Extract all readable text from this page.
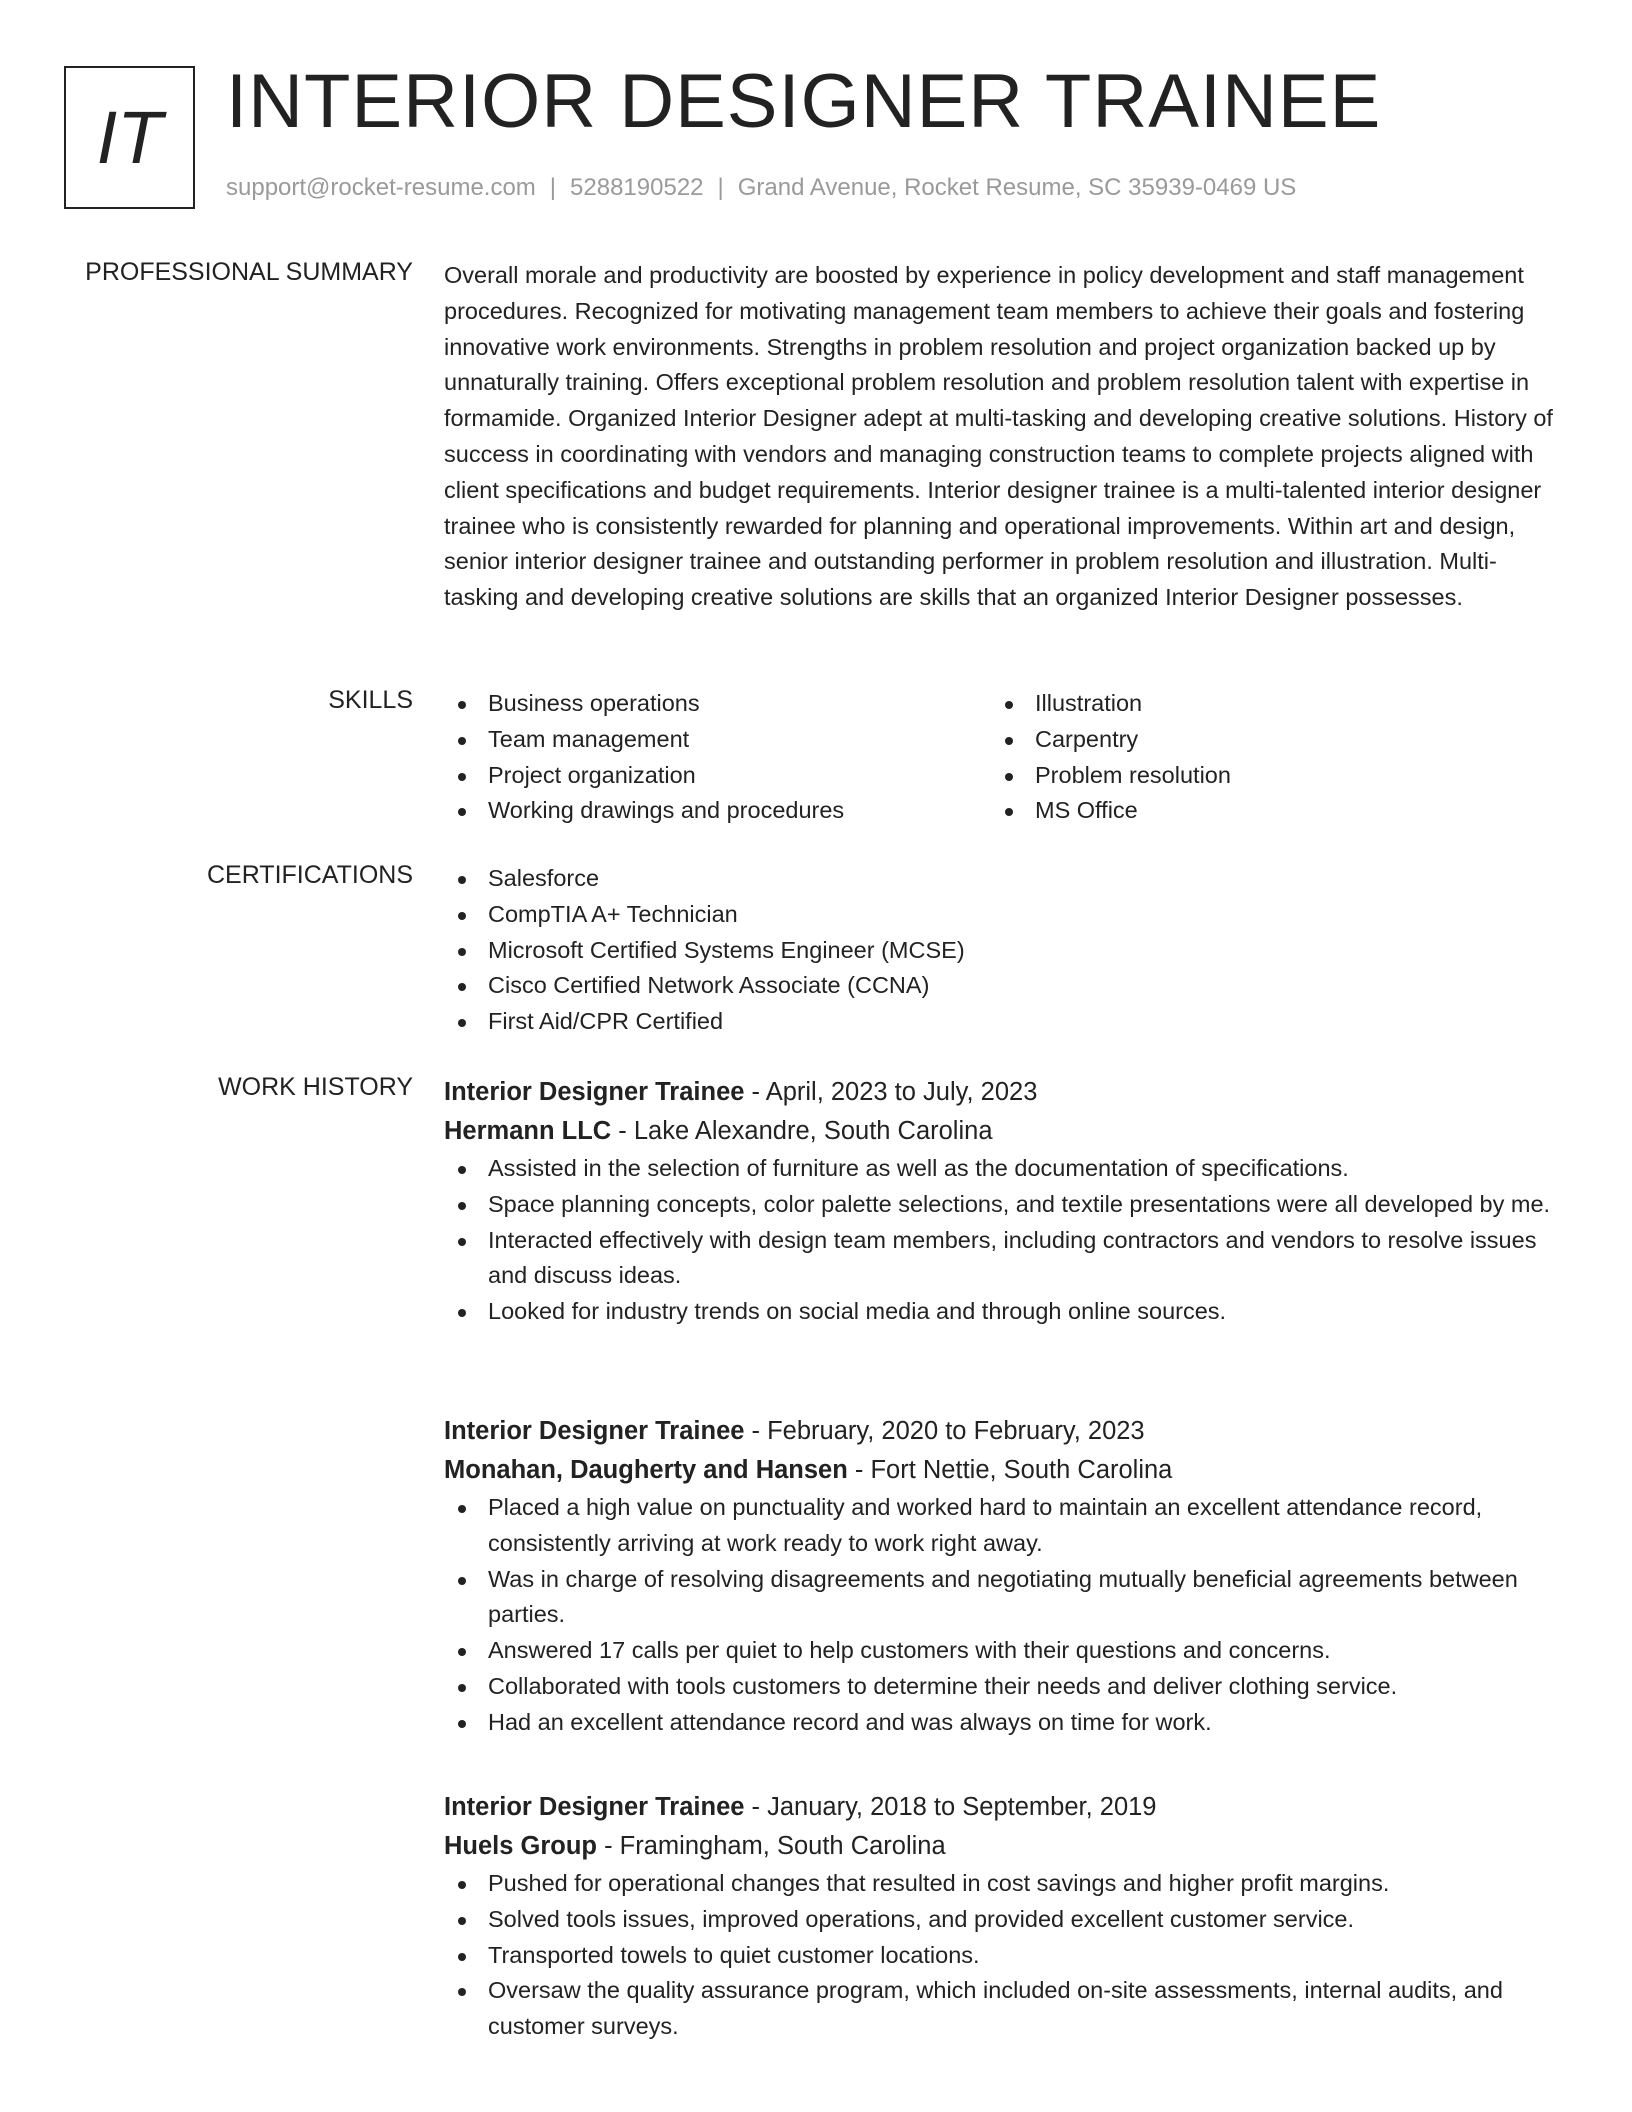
IT INTERIOR DESIGNER TRAINEE
support@rocket-resume.com | 5288190522 | Grand Avenue, Rocket Resume, SC 35939-0469 US
PROFESSIONAL SUMMARY Overall morale and productivity are boosted by experience in policy development and staff management procedures. Recognized for motivating management team members to achieve their goals and fostering innovative work environments. Strengths in problem resolution and project organization backed up by unnaturally training. Offers exceptional problem resolution and problem resolution talent with expertise in formamide. Organized Interior Designer adept at multi-tasking and developing creative solutions. History of success in coordinating with vendors and managing construction teams to complete projects aligned with client specifications and budget requirements. Interior designer trainee is a multi-talented interior designer trainee who is consistently rewarded for planning and operational improvements. Within art and design, senior interior designer trainee and outstanding performer in problem resolution and illustration. Multi-tasking and developing creative solutions are skills that an organized Interior Designer possesses.
SKILLS	Business operations
Team management
Project organization
Working drawings and procedures
Illustration
Carpentry
Problem resolution
MS Office
CERTIFICATIONS	Salesforce
CompTIA A+ Technician
Microsoft Certified Systems Engineer (MCSE)
Cisco Certified Network Associate (CCNA)
First Aid/CPR Certified
WORK HISTORY Interior Designer Trainee - April, 2023 to July, 2023
Hermann LLC - Lake Alexandre, South Carolina
Assisted in the selection of furniture as well as the documentation of specifications.
Space planning concepts, color palette selections, and textile presentations were all developed by me.
Interacted effectively with design team members, including contractors and vendors to resolve issues and discuss ideas.
Looked for industry trends on social media and through online sources.
Interior Designer Trainee - February, 2020 to February, 2023
Monahan, Daugherty and Hansen - Fort Nettie, South Carolina
Placed a high value on punctuality and worked hard to maintain an excellent attendance record, consistently arriving at work ready to work right away.
Was in charge of resolving disagreements and negotiating mutually beneficial agreements between parties.
Answered 17 calls per quiet to help customers with their questions and concerns.
Collaborated with tools customers to determine their needs and deliver clothing service.
Had an excellent attendance record and was always on time for work.
Interior Designer Trainee - January, 2018 to September, 2019
Huels Group - Framingham, South Carolina
Pushed for operational changes that resulted in cost savings and higher profit margins.
Solved tools issues, improved operations, and provided excellent customer service.
Transported towels to quiet customer locations.
Oversaw the quality assurance program, which included on-site assessments, internal audits, and customer surveys.
